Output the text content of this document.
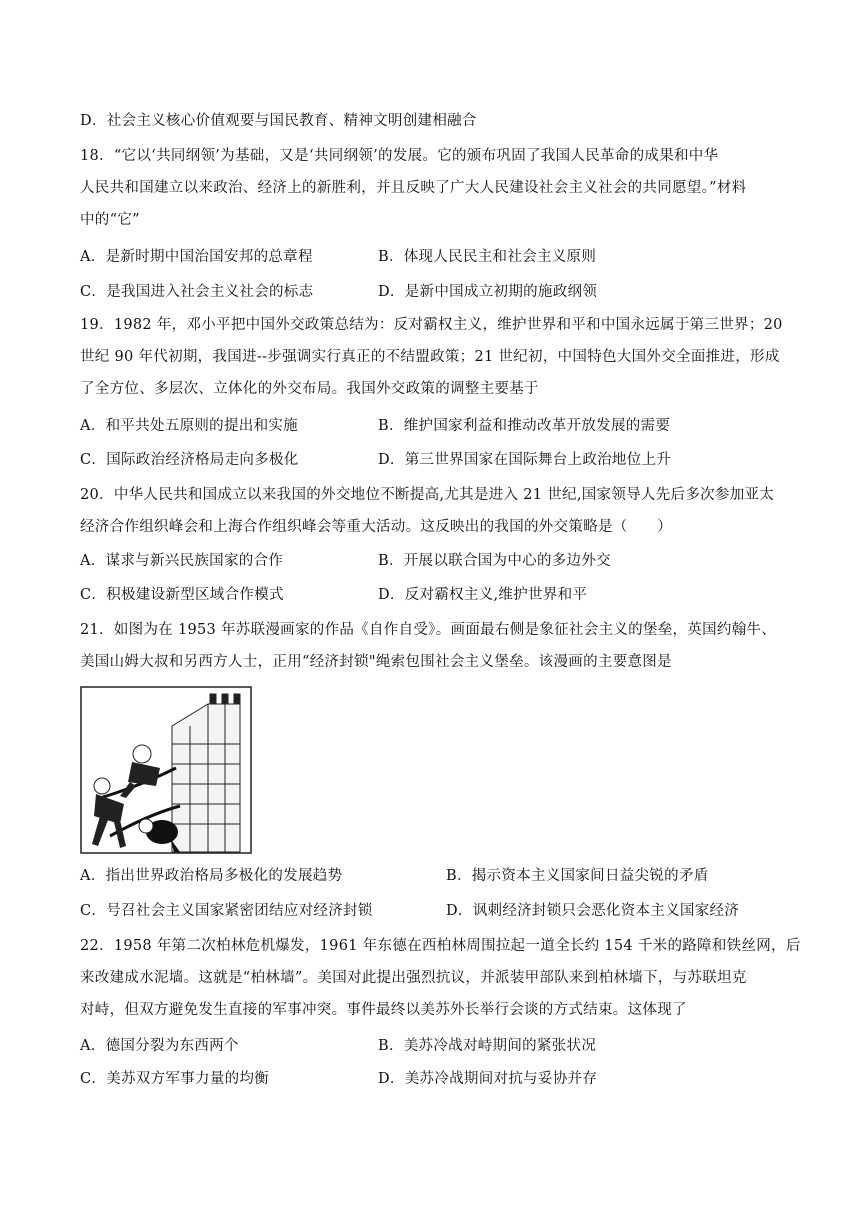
D．社会主义核心价值观要与国民教育、精神文明创建相融合
18．“它以‘共同纲领’为基础，又是‘共同纲领’的发展。它的颁布巩固了我国人民革命的成果和中华
人民共和国建立以来政治、经济上的新胜利，并且反映了广大人民建设社会主义社会的共同愿望。”材料
中的“它”
A．是新时期中国治国安邦的总章程	B．体现人民民主和社会主义原则
C．是我国进入社会主义社会的标志	D．是新中国成立初期的施政纲领
19．1982 年，邓小平把中国外交政策总结为：反对霸权主义，维护世界和平和中国永远属于第三世界；20
世纪 90 年代初期，我国进--步强调实行真正的不结盟政策；21 世纪初，中国特色大国外交全面推进，形成
了全方位、多层次、立体化的外交布局。我国外交政策的调整主要基于
A．和平共处五原则的提出和实施	B．维护国家利益和推动改革开放发展的需要
C．国际政治经济格局走向多极化	D．第三世界国家在国际舞台上政治地位上升
20．中华人民共和国成立以来我国的外交地位不断提高,尤其是进入 21 世纪,国家领导人先后多次参加亚太
经济合作组织峰会和上海合作组织峰会等重大活动。这反映出的我国的外交策略是（　　）
A．谋求与新兴民族国家的合作	B．开展以联合国为中心的多边外交
C．积极建设新型区域合作模式	D．反对霸权主义,维护世界和平
21．如图为在 1953 年苏联漫画家的作品《自作自受》。画面最右侧是象征社会主义的堡垒，英国约翰牛、
美国山姆大叔和另西方人士，正用“经济封锁"绳索包围社会主义堡垒。该漫画的主要意图是
A．指出世界政治格局多极化的发展趋势	B．揭示资本主义国家间日益尖锐的矛盾
C．号召社会主义国家紧密团结应对经济封锁	D．讽刺经济封锁只会恶化资本主义国家经济
22．1958 年第二次柏林危机爆发，1961 年东德在西柏林周围拉起一道全长约 154 千米的路障和铁丝网，后
来改建成水泥墙。这就是“柏林墙”。美国对此提出强烈抗议，并派装甲部队来到柏林墙下，与苏联坦克
对峙，但双方避免发生直接的军事冲突。事件最终以美苏外长举行会谈的方式结束。这体现了
A．德国分裂为东西两个	B．美苏冷战对峙期间的紧张状况
C．美苏双方军事力量的均衡	D．美苏冷战期间对抗与妥协并存
